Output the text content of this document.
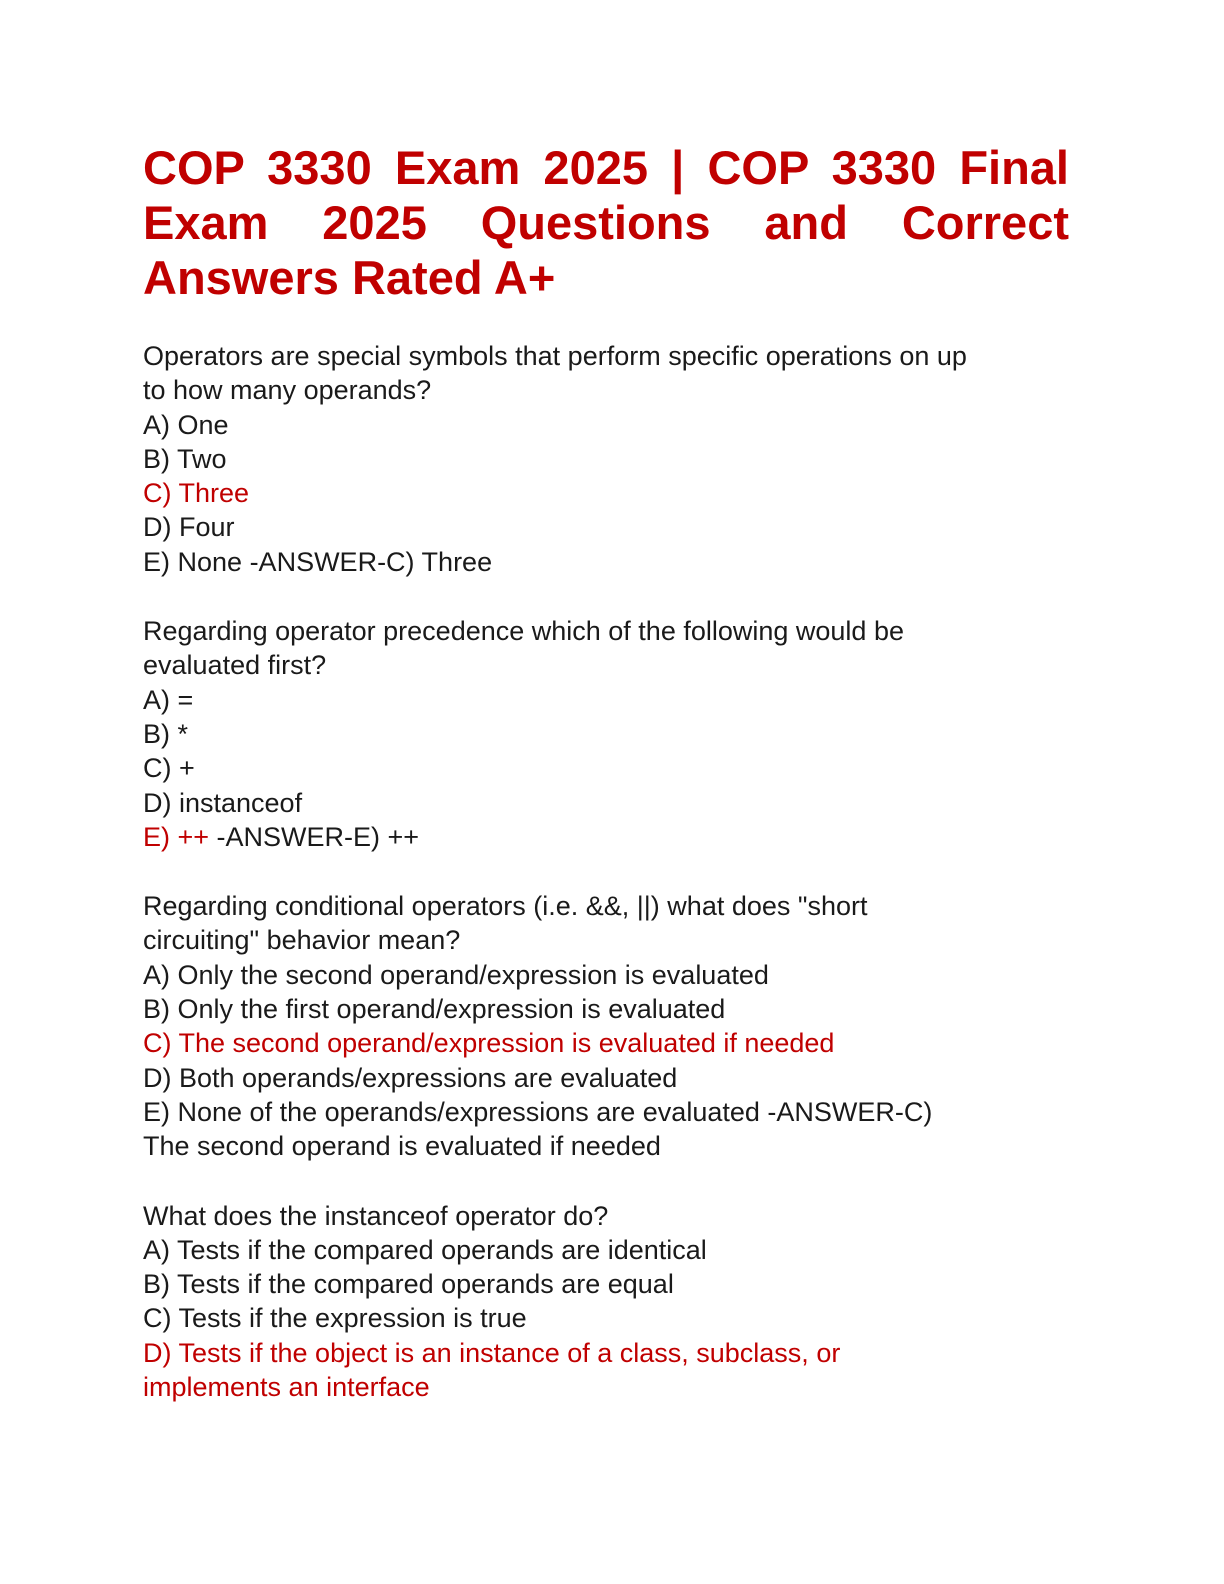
COP 3330 Exam 2025 | COP 3330 Final
Exam 2025 Questions and Correct
Answers Rated A+
Operators are special symbols that perform specific operations on up
to how many operands?
A) One
B) Two
C) Three
D) Four
E) None -ANSWER-C) Three
Regarding operator precedence which of the following would be
evaluated first?
A) =
B) *
C) +
D) instanceof
E) ++ -ANSWER-E) ++
Regarding conditional operators (i.e. &&, ||) what does "short
circuiting" behavior mean?
A) Only the second operand/expression is evaluated
B) Only the first operand/expression is evaluated
C) The second operand/expression is evaluated if needed
D) Both operands/expressions are evaluated
E) None of the operands/expressions are evaluated -ANSWER-C)
The second operand is evaluated if needed
What does the instanceof operator do?
A) Tests if the compared operands are identical
B) Tests if the compared operands are equal
C) Tests if the expression is true
D) Tests if the object is an instance of a class, subclass, or
implements an interface
